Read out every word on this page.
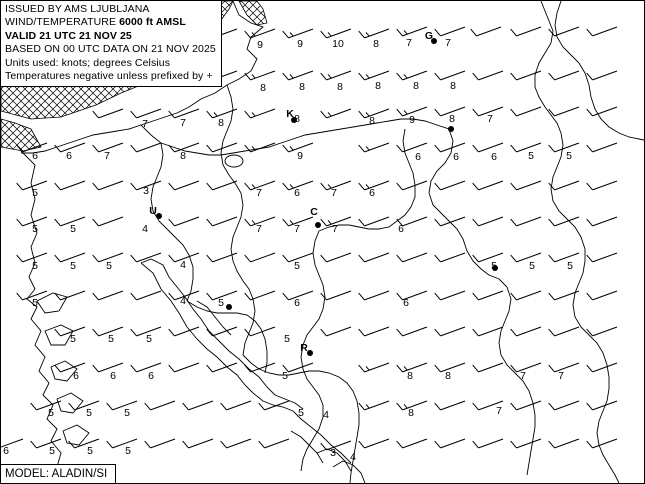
9	9	10	8	7	7
8	8	8	8	8	8
7	7	8	8	8	9	8	7
6	6	7	8	9	6	6	6	5	5
5	3	7	6	7	6
5	5	4	7	7	7	6
5	5	5	4	5	5	5	5
5	4	5	6	6
5	5	5	5
6	6	6	5	8	8	7	7
5	5	5	5 4	8	7
6	5	5	5	3 4
G
K
U	C
R
ISSUED BY AMS LJUBLJANA
WIND/TEMPERATURE 6000 ft AMSL
VALID 21 UTC 21 NOV 25
BASED ON 00 UTC DATA ON 21 NOV 2025
Units used: knots; degrees Celsius
Temperatures negative unless prefixed by +
MODEL: ALADIN/SI
